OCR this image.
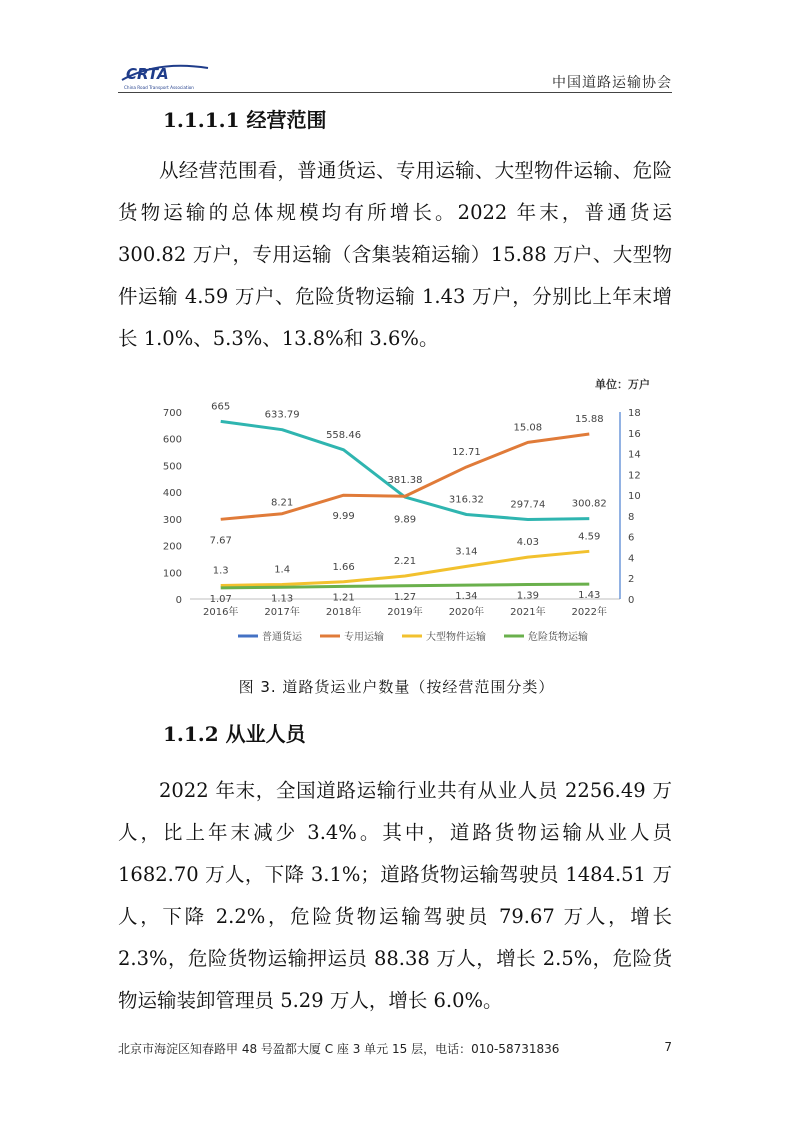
CRTA
China Road Transport Association	中国道路运输协会
1.1.1.1 经营范围

从经营范围看，普通货运、专用运输、大型物件运输、危险货物运输的总体规模均有所增长。2022 年末，普通货运 300.82 万户，专用运输（含集装箱运输）15.88 万户、大型物件运输 4.59 万户、危险货物运输 1.43 万户，分别比上年末增长 1.0%、5.3%、13.8%和 3.6%。

单位：万户
0
100
200
300
400
500
600
700
0
2
4
6
8
10
12
14
16
18
2016年	2017年	2018年	2019年	2020年	2021年	2022年
665
633.79
558.46
381.38
316.32	297.74	300.82
7.67
8.21
9.99	9.89
12.71
15.08
15.88
1.3	1.4	1.66
2.21
3.14
4.03
4.59
1.07	1.13	1.21	1.27	1.34	1.39	1.43
普通货运	专用运输	大型物件运输	危险货物运输
图 3. 道路货运业户数量（按经营范围分类）
1.1.2 从业人员

2022 年末，全国道路运输行业共有从业人员 2256.49 万人，比上年末减少 3.4%。其中，道路货物运输从业人员 1682.70 万人，下降 3.1%；道路货物运输驾驶员 1484.51 万人，下降 2.2%，危险货物运输驾驶员 79.67 万人，增长 2.3%，危险货物运输押运员 88.38 万人，增长 2.5%，危险货物运输装卸管理员 5.29 万人，增长 6.0%。

北京市海淀区知春路甲 48 号盈都大厦 C 座 3 单元 15 层，电话：010-58731836	7
